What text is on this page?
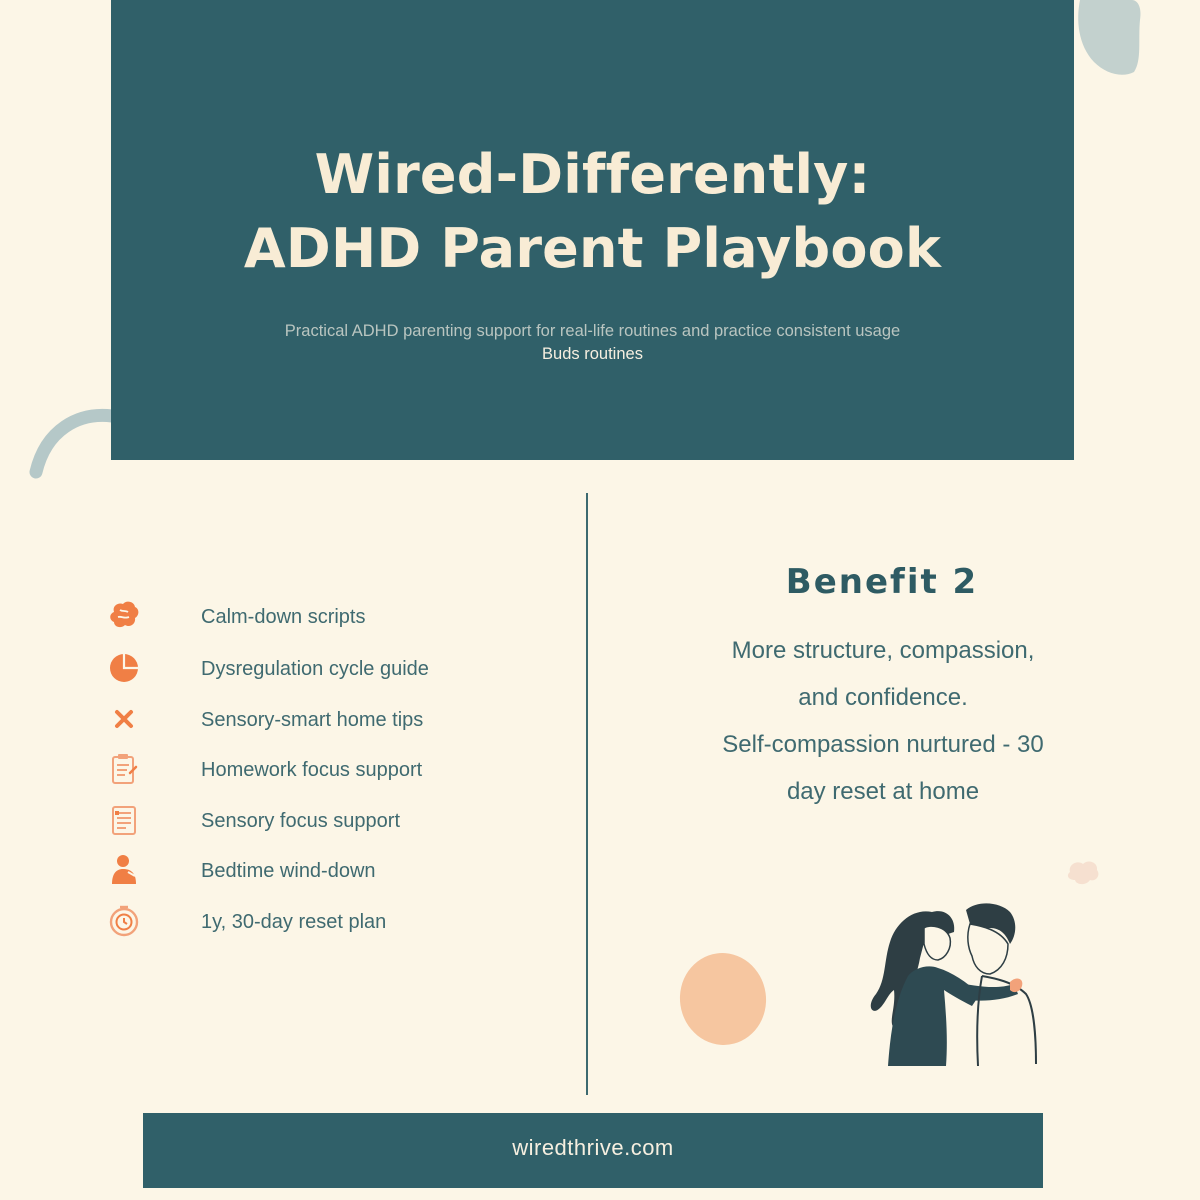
Wired-Differently:
ADHD Parent Playbook

Practical ADHD parenting support for real-life routines and practice consistent usage

Buds routines

Calm-down scripts
Dysregulation cycle guide
Sensory-smart home tips
Homework focus support
Sensory focus support
Bedtime wind-down
1y, 30-day reset plan
Benefit 2
More structure, compassion,
and confidence.
Self-compassion nurtured - 30
day reset at home
wiredthrive.com
